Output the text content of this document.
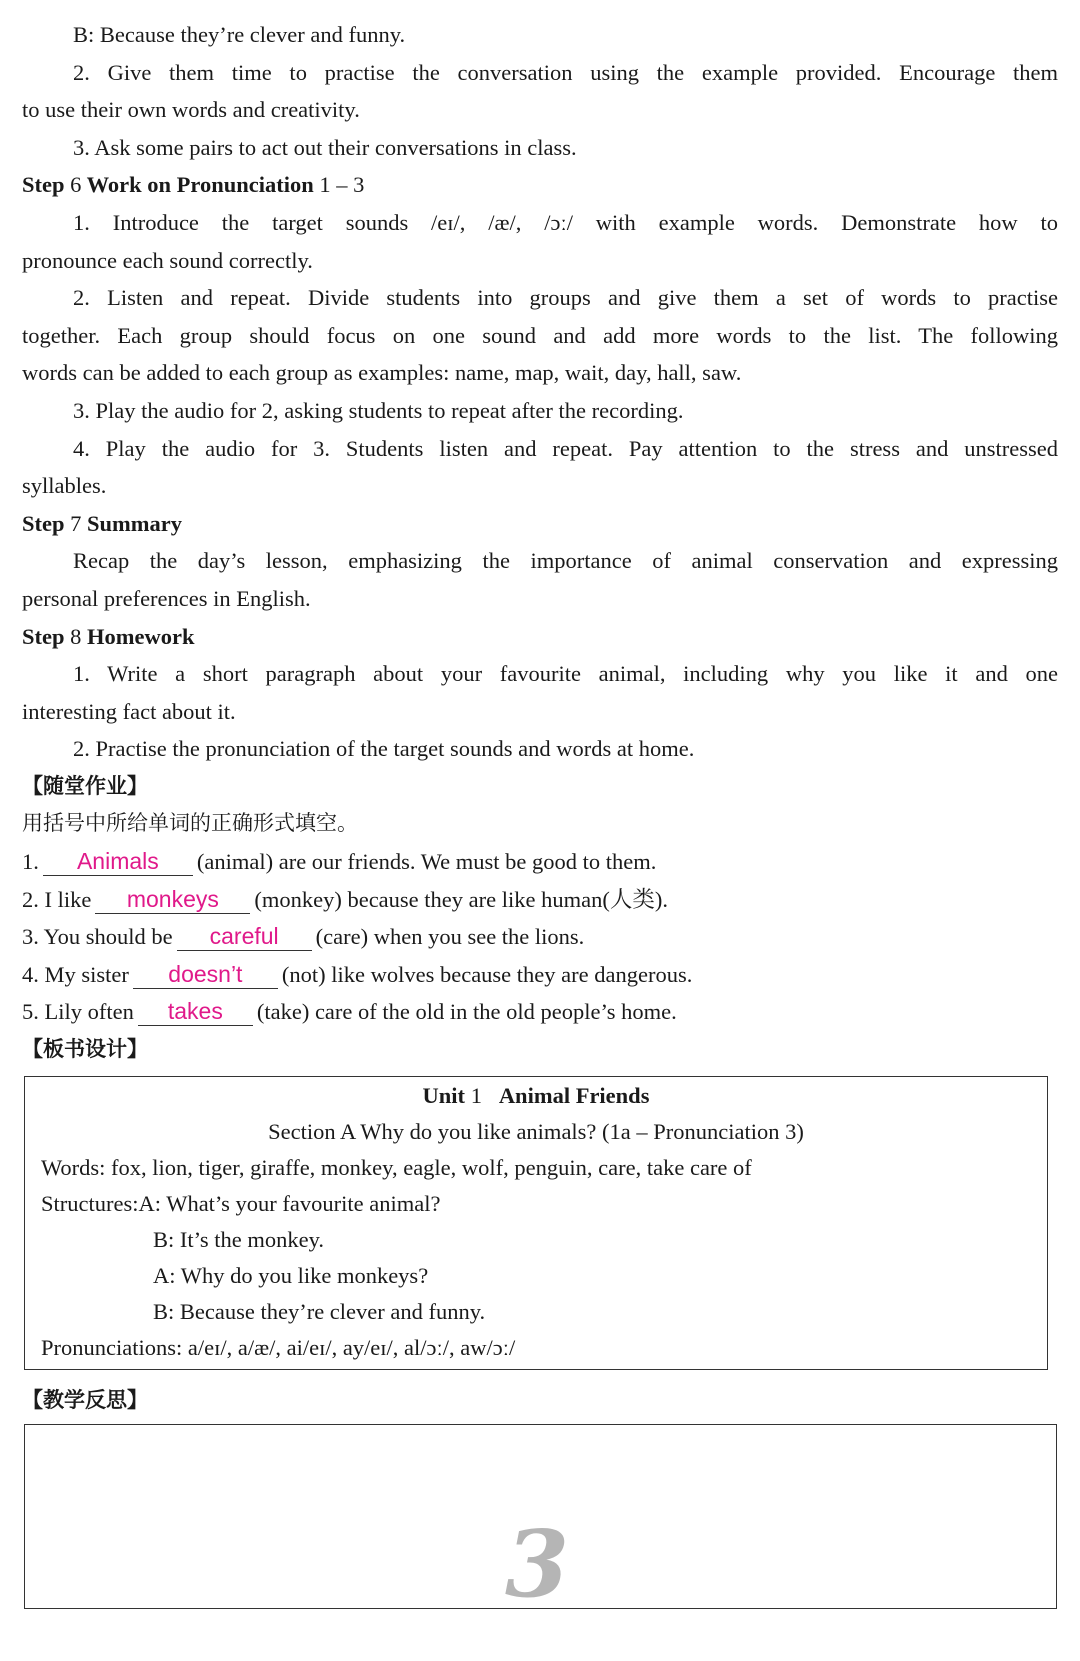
B: Because they’re clever and funny.
2. Give them time to practise the conversation using the example provided. Encourage them
to use their own words and creativity.
3. Ask some pairs to act out their conversations in class.
Step 6 Work on Pronunciation 1 – 3
1. Introduce the target sounds /eɪ/, /æ/, /ɔː/ with example words. Demonstrate how to
pronounce each sound correctly.
2. Listen and repeat. Divide students into groups and give them a set of words to practise
together. Each group should focus on one sound and add more words to the list. The following
words can be added to each group as examples: name, map, wait, day, hall, saw.
3. Play the audio for 2, asking students to repeat after the recording.
4. Play the audio for 3. Students listen and repeat. Pay attention to the stress and unstressed
syllables.
Step 7 Summary
Recap the day’s lesson, emphasizing the importance of animal conservation and expressing
personal preferences in English.
Step 8 Homework
1. Write a short paragraph about your favourite animal, including why you like it and one
interesting fact about it.
2. Practise the pronunciation of the target sounds and words at home.
【随堂作业】
用括号中所给单词的正确形式填空。
1. Animals (animal) are our friends. We must be good to them.
2. I like monkeys (monkey) because they are like human(人类).
3. You should be careful (care) when you see the lions.
4. My sister doesn’t (not) like wolves because they are dangerous.
5. Lily often takes (take) care of the old in the old people’s home.
【板书设计】
Unit 1 Animal Friends
Section A Why do you like animals? (1a – Pronunciation 3)
Words: fox, lion, tiger, giraffe, monkey, eagle, wolf, penguin, care, take care of
Structures:A: What’s your favourite animal?
B: It’s the monkey.
A: Why do you like monkeys?
B: Because they’re clever and funny.
Pronunciations: a/eɪ/, a/æ/, ai/eɪ/, ay/eɪ/, al/ɔː/, aw/ɔː/
【教学反思】
3
